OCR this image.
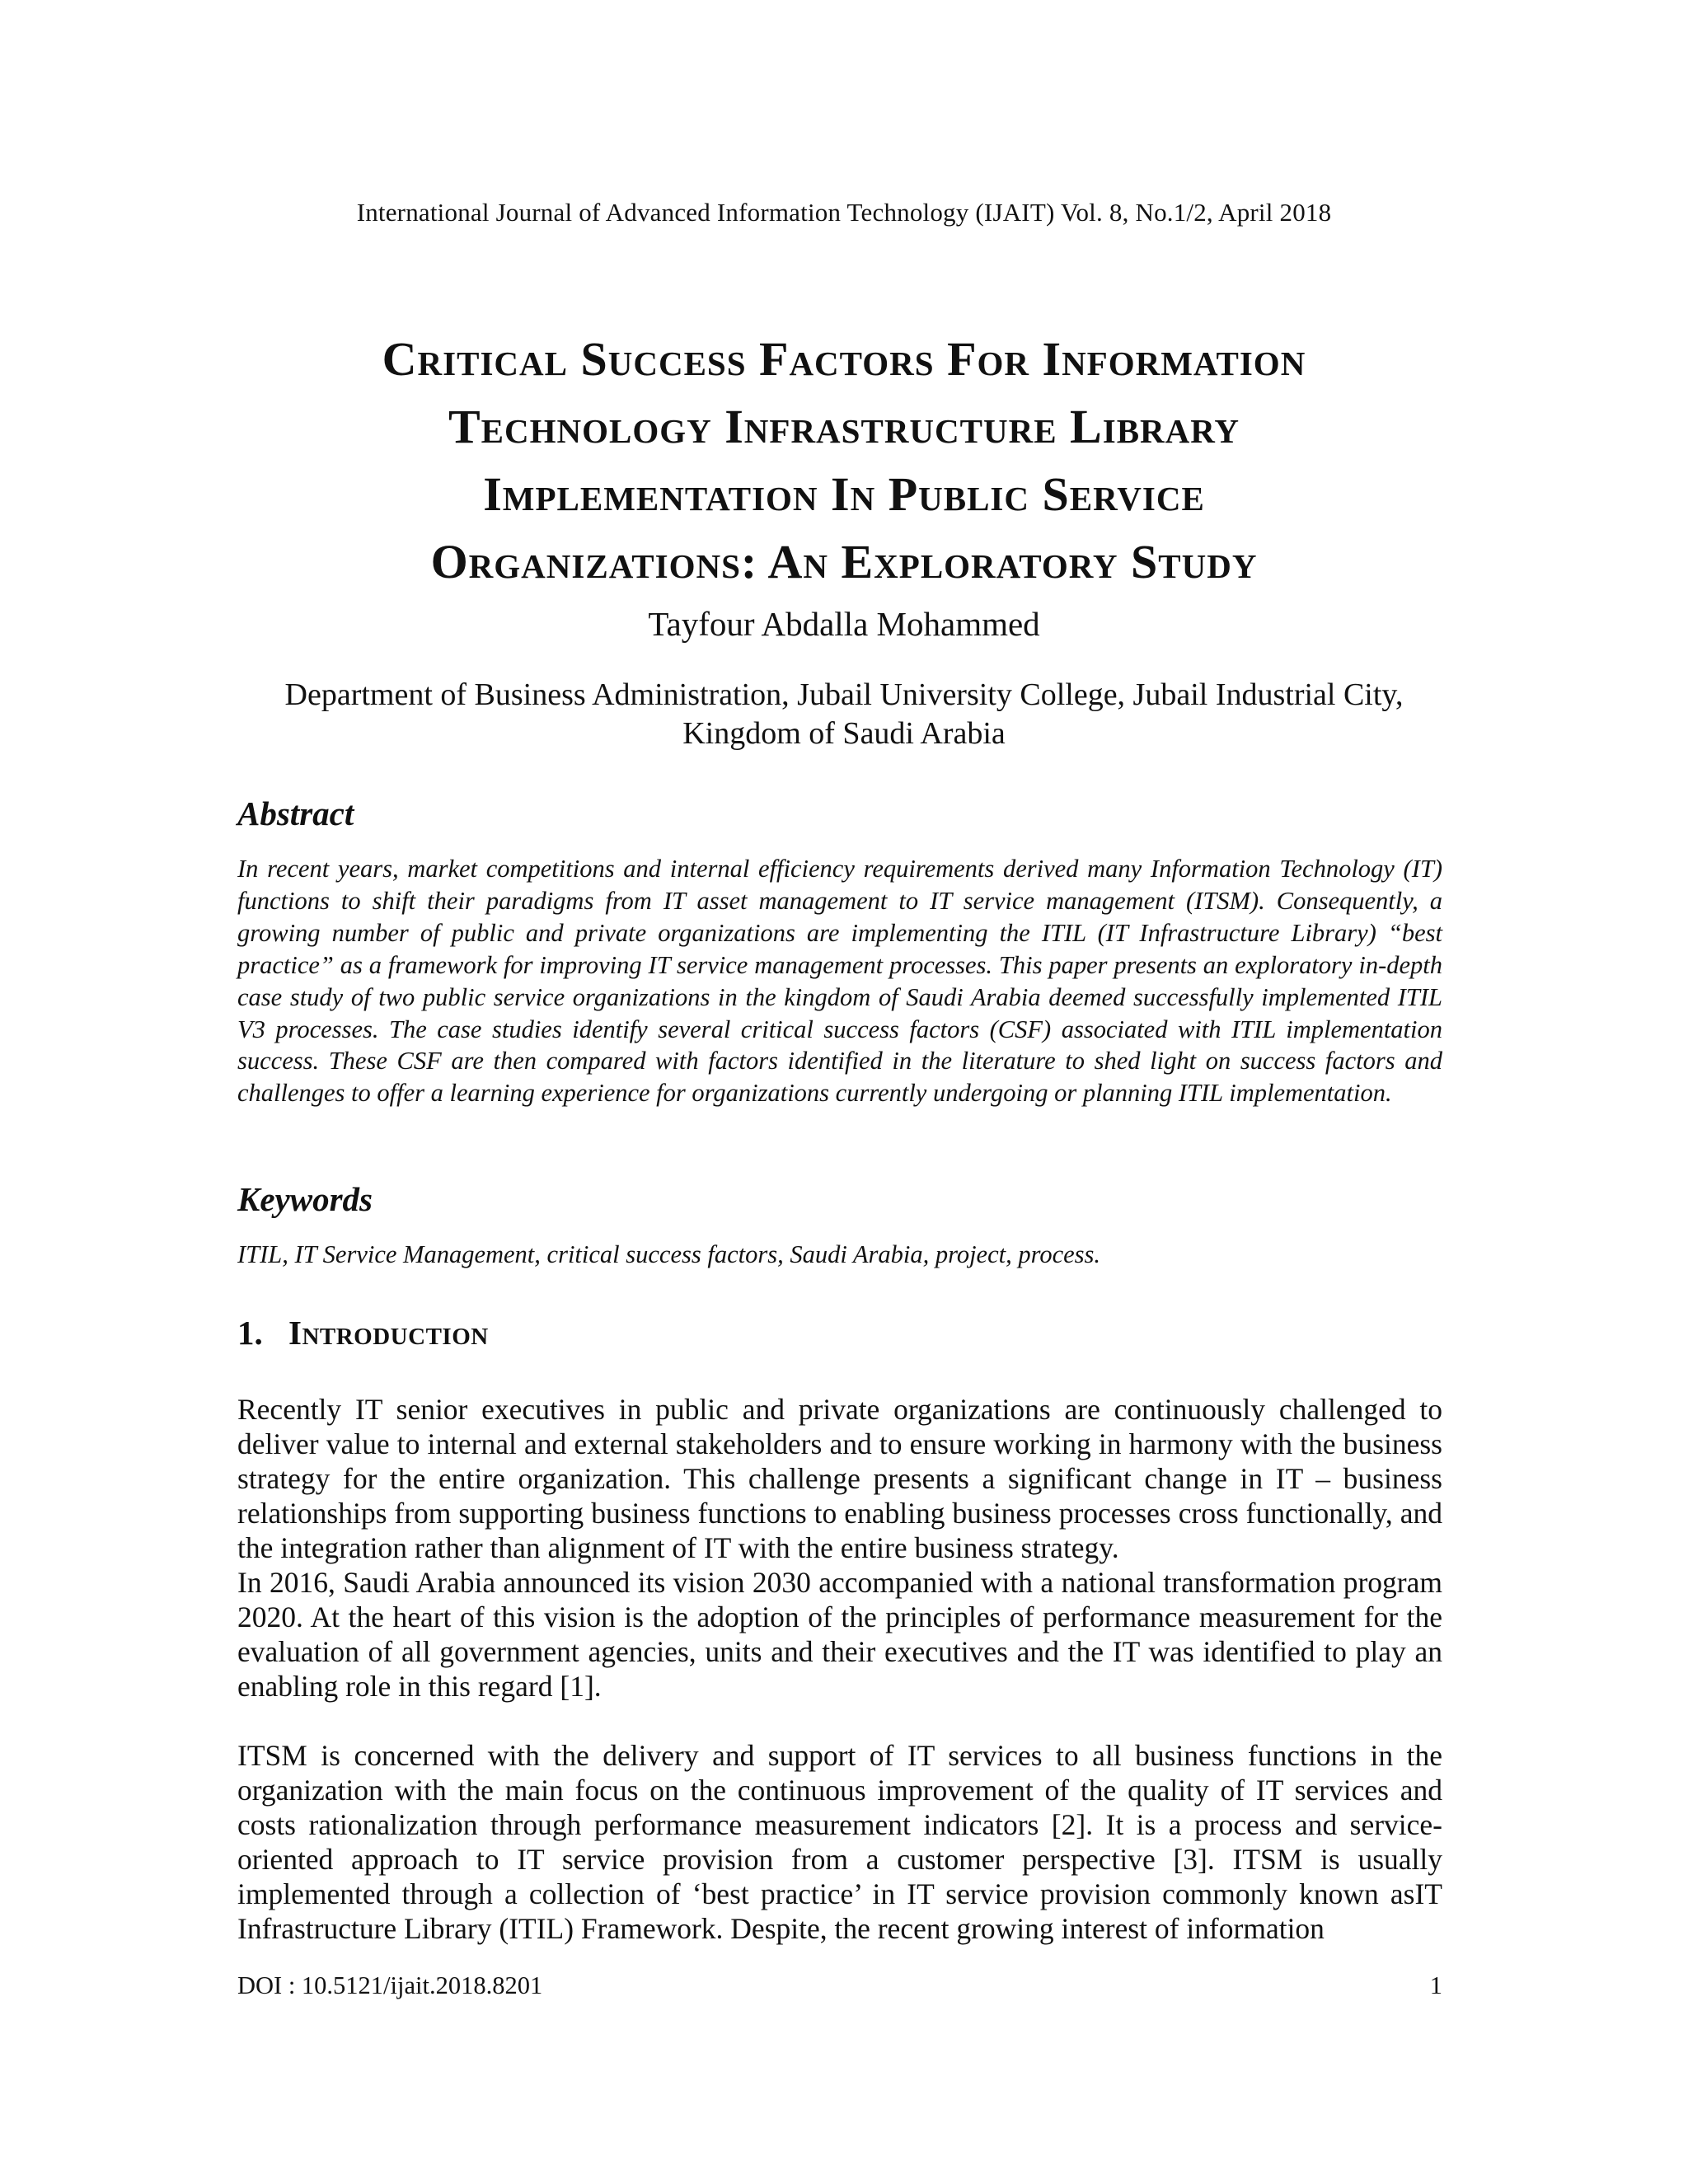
International Journal of Advanced Information Technology (IJAIT) Vol. 8, No.1/2, April 2018
Critical Success Factors For Information
Technology Infrastructure Library
Implementation In Public Service
Organizations: An Exploratory Study
Tayfour Abdalla Mohammed
Department of Business Administration, Jubail University College, Jubail Industrial City,
Kingdom of Saudi Arabia
Abstract

In recent years, market competitions and internal efficiency requirements derived many Information Technology (IT) functions to shift their paradigms from IT asset management to IT service management (ITSM). Consequently, a growing number of public and private organizations are implementing the ITIL (IT Infrastructure Library) “best practice” as a framework for improving IT service management processes. This paper presents an exploratory in-depth case study of two public service organizations in the kingdom of Saudi Arabia deemed successfully implemented ITIL V3 processes. The case studies identify several critical success factors (CSF) associated with ITIL implementation success. These CSF are then compared with factors identified in the literature to shed light on success factors and challenges to offer a learning experience for organizations currently undergoing or planning ITIL implementation.

Keywords

ITIL, IT Service Management, critical success factors, Saudi Arabia, project, process.

1. Introduction

Recently IT senior executives in public and private organizations are continuously challenged to deliver value to internal and external stakeholders and to ensure working in harmony with the business strategy for the entire organization. This challenge presents a significant change in IT – business relationships from supporting business functions to enabling business processes cross functionally, and the integration rather than alignment of IT with the entire business strategy.

In 2016, Saudi Arabia announced its vision 2030 accompanied with a national transformation program 2020. At the heart of this vision is the adoption of the principles of performance measurement for the evaluation of all government agencies, units and their executives and the IT was identified to play an enabling role in this regard [1].

ITSM is concerned with the delivery and support of IT services to all business functions in the organization with the main focus on the continuous improvement of the quality of IT services and costs rationalization through performance measurement indicators [2]. It is a process and service-oriented approach to IT service provision from a customer perspective [3]. ITSM is usually implemented through a collection of ‘best practice’ in IT service provision commonly known asIT Infrastructure Library (ITIL) Framework. Despite, the recent growing interest of information

DOI : 10.5121/ijait.2018.8201	1
